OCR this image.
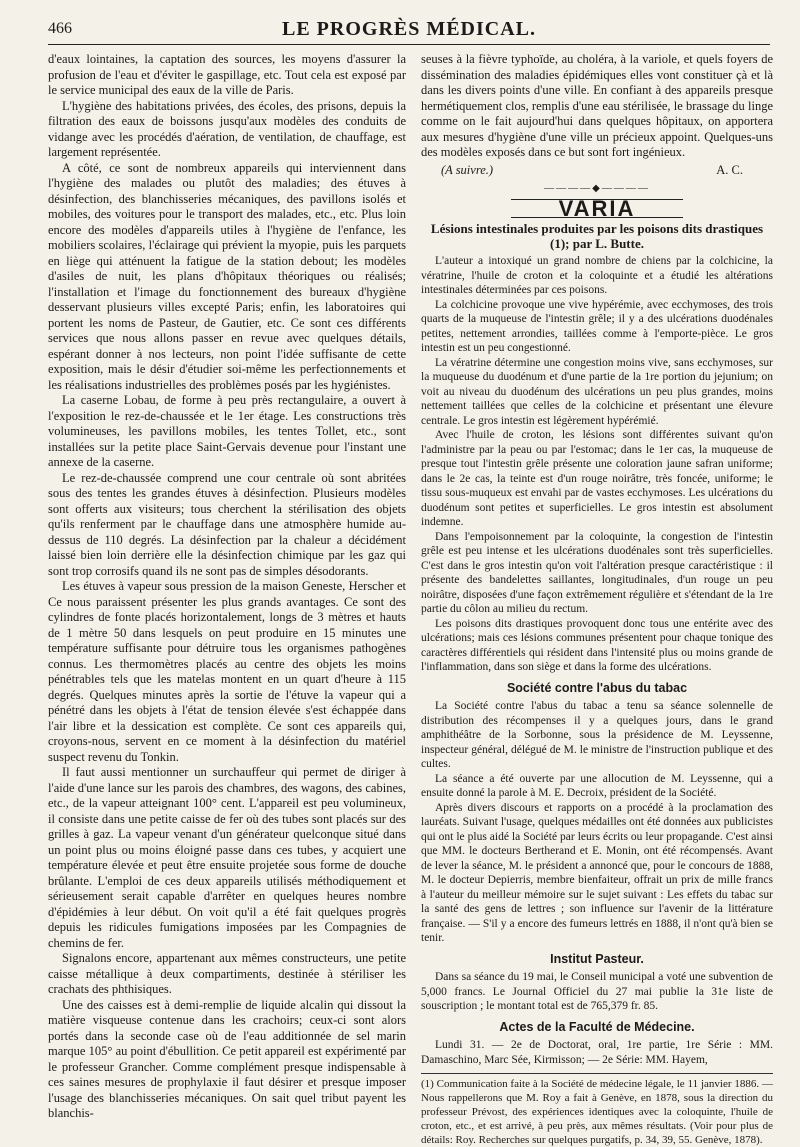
466	LE PROGRÈS MÉDICAL.

d'eaux lointaines, la captation des sources, les moyens d'assurer la profusion de l'eau et d'éviter le gaspillage, etc. Tout cela est exposé par le service municipal des eaux de la ville de Paris.

L'hygiène des habitations privées, des écoles, des prisons, depuis la filtration des eaux de boissons jusqu'aux modèles des conduits de vidange avec les procédés d'aération, de ventilation, de chauffage, est largement représentée.

A côté, ce sont de nombreux appareils qui interviennent dans l'hygiène des malades ou plutôt des maladies; des étuves à désinfection, des blanchisseries mécaniques, des pavillons isolés et mobiles, des voitures pour le transport des malades, etc., etc. Plus loin encore des modèles d'appareils utiles à l'hygiène de l'enfance, les mobiliers scolaires, l'éclairage qui prévient la myopie, puis les parquets en liège qui atténuent la fatigue de la station debout; les modèles d'asiles de nuit, les plans d'hôpitaux théoriques ou réalisés; l'installation et l'image du fonctionnement des bureaux d'hygiène desservant plusieurs villes excepté Paris; enfin, les laboratoires qui portent les noms de Pasteur, de Gautier, etc. Ce sont ces différents services que nous allons passer en revue avec quelques détails, espérant donner à nos lecteurs, non point l'idée suffisante de cette exposition, mais le désir d'étudier soi-même les perfectionnements et les réalisations industrielles des problèmes posés par les hygiénistes.

La caserne Lobau, de forme à peu près rectangulaire, a ouvert à l'exposition le rez-de-chaussée et le 1er étage. Les constructions très volumineuses, les pavillons mobiles, les tentes Tollet, etc., sont installées sur la petite place Saint-Gervais devenue pour l'instant une annexe de la caserne.

Le rez-de-chaussée comprend une cour centrale où sont abritées sous des tentes les grandes étuves à désinfection. Plusieurs modèles sont offerts aux visiteurs; tous cherchent la stérilisation des objets qu'ils renferment par le chauffage dans une atmosphère humide au-dessus de 110 degrés. La désinfection par la chaleur a décidément laissé bien loin derrière elle la désinfection chimique par les gaz qui sont trop corrosifs quand ils ne sont pas de simples désodorants.

Les étuves à vapeur sous pression de la maison Geneste, Herscher et Ce nous paraissent présenter les plus grands avantages. Ce sont des cylindres de fonte placés horizontalement, longs de 3 mètres et hauts de 1 mètre 50 dans lesquels on peut produire en 15 minutes une température suffisante pour détruire tous les organismes pathogènes connus. Les thermomètres placés au centre des objets les moins pénétrables tels que les matelas montent en un quart d'heure à 115 degrés. Quelques minutes après la sortie de l'étuve la vapeur qui a pénétré dans les objets à l'état de tension élevée s'est échappée dans l'air libre et la dessication est complète. Ce sont ces appareils qui, croyons-nous, servent en ce moment à la désinfection du matériel suspect revenu du Tonkin.

Il faut aussi mentionner un surchauffeur qui permet de diriger à l'aide d'une lance sur les parois des chambres, des wagons, des cabines, etc., de la vapeur atteignant 100° cent. L'appareil est peu volumineux, il consiste dans une petite caisse de fer où des tubes sont placés sur des grilles à gaz. La vapeur venant d'un générateur quelconque situé dans un point plus ou moins éloigné passe dans ces tubes, y acquiert une température élevée et peut être ensuite projetée sous forme de douche brûlante. L'emploi de ces deux appareils utilisés méthodiquement et sérieusement serait capable d'arrêter en quelques heures nombre d'épidémies à leur début. On voit qu'il a été fait quelques progrès depuis les ridicules fumigations imposées par les Compagnies de chemins de fer.

Signalons encore, appartenant aux mêmes constructeurs, une petite caisse métallique à deux compartiments, destinée à stériliser les crachats des phthisiques.

Une des caisses est à demi-remplie de liquide alcalin qui dissout la matière visqueuse contenue dans les crachoirs; ceux-ci sont alors portés dans la seconde case où de l'eau additionnée de sel marin marque 105° au point d'ébullition. Ce petit appareil est expérimenté par le professeur Grancher. Comme complément presque indispensable à ces saines mesures de prophylaxie il faut désirer et presque imposer l'usage des blanchisseries mécaniques. On sait quel tribut payent les blanchis-

seuses à la fièvre typhoïde, au choléra, à la variole, et quels foyers de dissémination des maladies épidémiques elles vont constituer çà et là dans les divers points d'une ville. En confiant à des appareils presque hermétiquement clos, remplis d'une eau stérilisée, le brassage du linge comme on le fait aujourd'hui dans quelques hôpitaux, on apportera aux mesures d'hygiène d'une ville un précieux appoint. Quelques-uns des modèles exposés dans ce but sont fort ingénieux.

(A suivre.)	A. C.
————◆————
VARIA
Lésions intestinales produites par les poisons dits drastiques (1); par L. Butte.

L'auteur a intoxiqué un grand nombre de chiens par la colchicine, la vératrine, l'huile de croton et la coloquinte et a étudié les altérations intestinales déterminées par ces poisons.

La colchicine provoque une vive hypérémie, avec ecchymoses, des trois quarts de la muqueuse de l'intestin grêle; il y a des ulcérations duodénales petites, nettement arrondies, taillées comme à l'emporte-pièce. Le gros intestin est un peu congestionné.

La vératrine détermine une congestion moins vive, sans ecchymoses, sur la muqueuse du duodénum et d'une partie de la 1re portion du jejunium; on voit au niveau du duodénum des ulcérations un peu plus grandes, moins nettement taillées que celles de la colchicine et présentant une élevure centrale. Le gros intestin est légèrement hypérémié.

Avec l'huile de croton, les lésions sont différentes suivant qu'on l'administre par la peau ou par l'estomac; dans le 1er cas, la muqueuse de presque tout l'intestin grêle présente une coloration jaune safran uniforme; dans le 2e cas, la teinte est d'un rouge noirâtre, très foncée, uniforme; le tissu sous-muqueux est envahi par de vastes ecchymoses. Les ulcérations du duodénum sont petites et superficielles. Le gros intestin est absolument indemne.

Dans l'empoisonnement par la coloquinte, la congestion de l'intestin grêle est peu intense et les ulcérations duodénales sont très superficielles. C'est dans le gros intestin qu'on voit l'altération presque caractéristique : il présente des bandelettes saillantes, longitudinales, d'un rouge un peu noirâtre, disposées d'une façon extrêmement régulière et s'étendant de la 1re partie du côlon au milieu du rectum.

Les poisons dits drastiques provoquent donc tous une entérite avec des ulcérations; mais ces lésions communes présentent pour chaque tonique des caractères différentiels qui résident dans l'intensité plus ou moins grande de l'inflammation, dans son siège et dans la forme des ulcérations.

Société contre l'abus du tabac

La Société contre l'abus du tabac a tenu sa séance solennelle de distribution des récompenses il y a quelques jours, dans le grand amphithéâtre de la Sorbonne, sous la présidence de M. Leyssenne, inspecteur général, délégué de M. le ministre de l'instruction publique et des cultes.

La séance a été ouverte par une allocution de M. Leyssenne, qui a ensuite donné la parole à M. E. Decroix, président de la Société.

Après divers discours et rapports on a procédé à la proclamation des lauréats. Suivant l'usage, quelques médailles ont été données aux publicistes qui ont le plus aidé la Société par leurs écrits ou leur propagande. C'est ainsi que MM. le docteurs Bertherand et E. Monin, ont été récompensés. Avant de lever la séance, M. le président a annoncé que, pour le concours de 1888, M. le docteur Depierris, membre bienfaiteur, offrait un prix de mille francs à l'auteur du meilleur mémoire sur le sujet suivant : Les effets du tabac sur la santé des gens de lettres ; son influence sur l'avenir de la littérature française. — S'il y a encore des fumeurs lettrés en 1888, il n'ont qu'à bien se tenir.

Institut Pasteur.

Dans sa séance du 19 mai, le Conseil municipal a voté une subvention de 5,000 francs. Le Journal Officiel du 27 mai publie la 31e liste de souscription ; le montant total est de 765,379 fr. 85.

Actes de la Faculté de Médecine.

Lundi 31. — 2e de Doctorat, oral, 1re partie, 1re Série : MM. Damaschino, Marc Sée, Kirmisson; — 2e Série: MM. Hayem,

(1) Communication faite à la Société de médecine légale, le 11 janvier 1886. — Nous rappellerons que M. Roy a fait à Genève, en 1878, sous la direction du professeur Prévost, des expériences identiques avec la coloquinte, l'huile de croton, etc., et est arrivé, à peu près, aux mêmes résultats. (Voir pour plus de détails: Roy. Recherches sur quelques purgatifs, p. 34, 39, 55. Genève, 1878).
